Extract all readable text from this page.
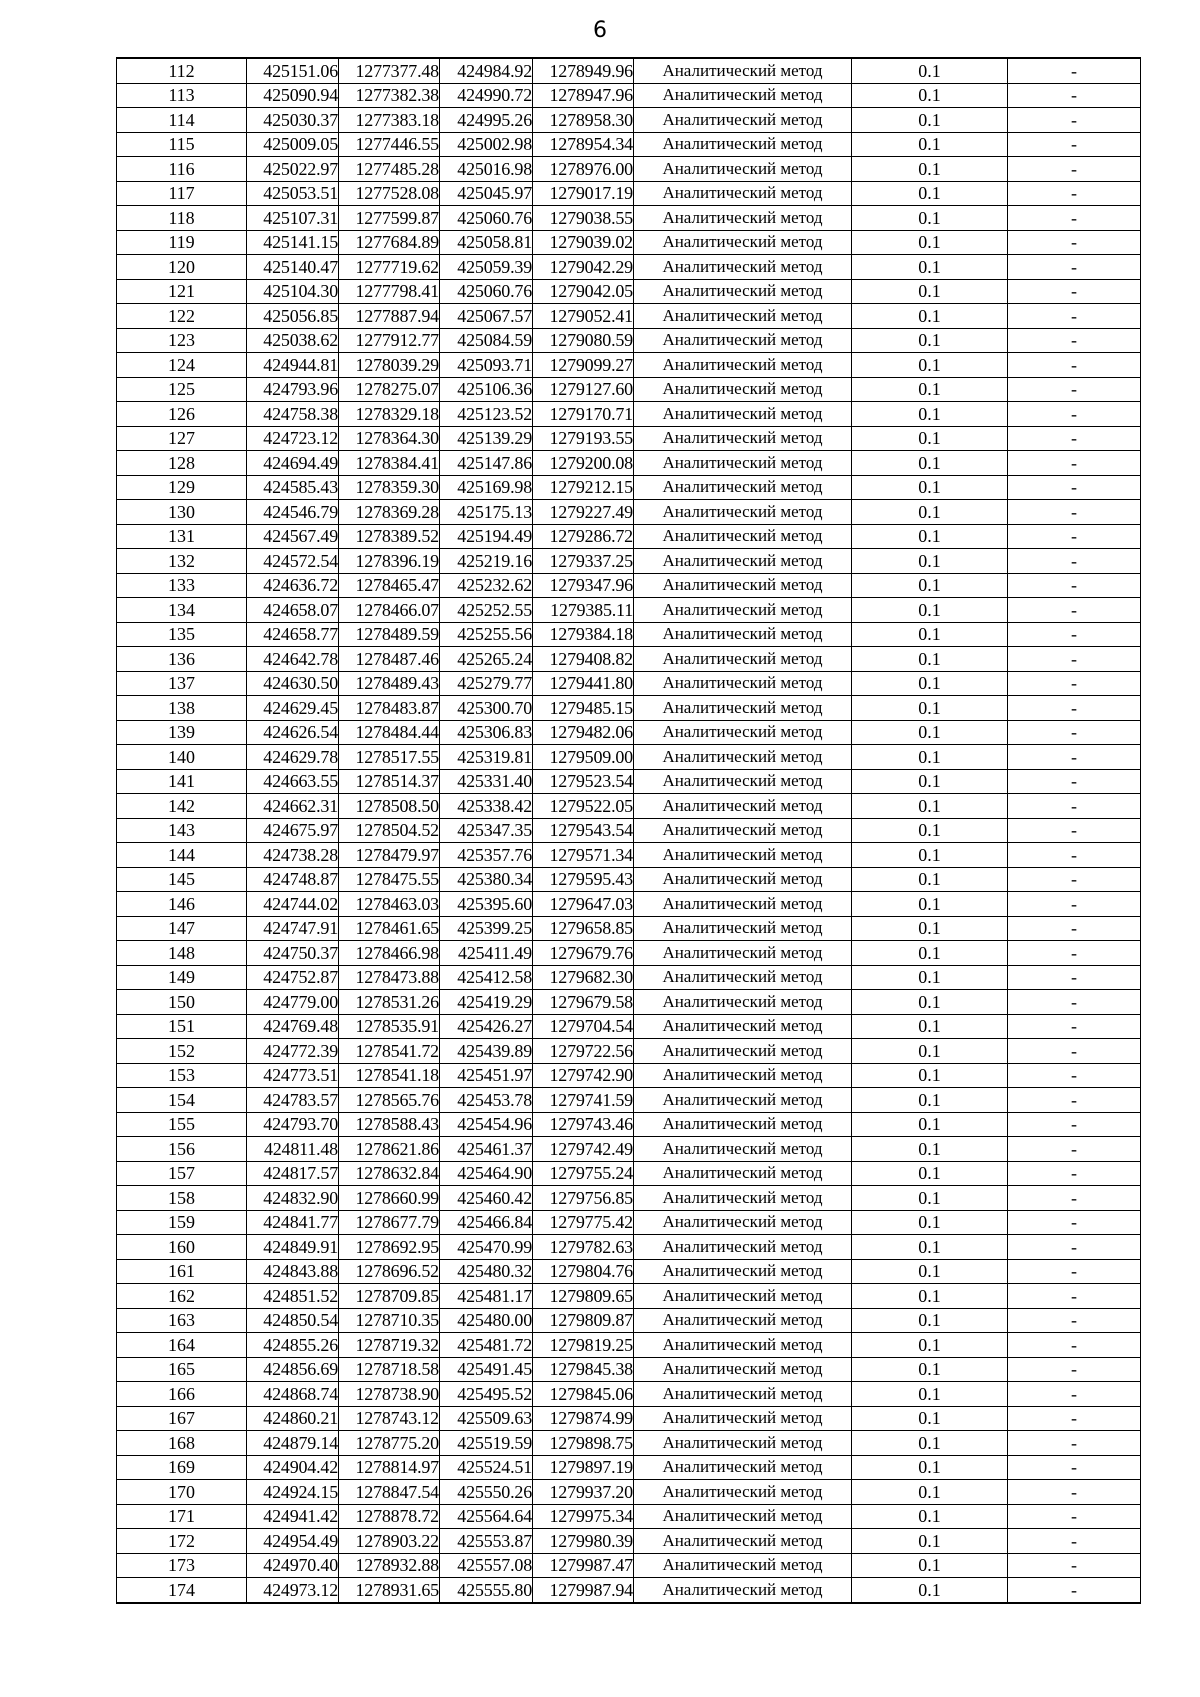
6
112	425151.06	1277377.48	424984.92	1278949.96	Аналитический метод	0.1	-
113	425090.94	1277382.38	424990.72	1278947.96	Аналитический метод	0.1	-
114	425030.37	1277383.18	424995.26	1278958.30	Аналитический метод	0.1	-
115	425009.05	1277446.55	425002.98	1278954.34	Аналитический метод	0.1	-
116	425022.97	1277485.28	425016.98	1278976.00	Аналитический метод	0.1	-
117	425053.51	1277528.08	425045.97	1279017.19	Аналитический метод	0.1	-
118	425107.31	1277599.87	425060.76	1279038.55	Аналитический метод	0.1	-
119	425141.15	1277684.89	425058.81	1279039.02	Аналитический метод	0.1	-
120	425140.47	1277719.62	425059.39	1279042.29	Аналитический метод	0.1	-
121	425104.30	1277798.41	425060.76	1279042.05	Аналитический метод	0.1	-
122	425056.85	1277887.94	425067.57	1279052.41	Аналитический метод	0.1	-
123	425038.62	1277912.77	425084.59	1279080.59	Аналитический метод	0.1	-
124	424944.81	1278039.29	425093.71	1279099.27	Аналитический метод	0.1	-
125	424793.96	1278275.07	425106.36	1279127.60	Аналитический метод	0.1	-
126	424758.38	1278329.18	425123.52	1279170.71	Аналитический метод	0.1	-
127	424723.12	1278364.30	425139.29	1279193.55	Аналитический метод	0.1	-
128	424694.49	1278384.41	425147.86	1279200.08	Аналитический метод	0.1	-
129	424585.43	1278359.30	425169.98	1279212.15	Аналитический метод	0.1	-
130	424546.79	1278369.28	425175.13	1279227.49	Аналитический метод	0.1	-
131	424567.49	1278389.52	425194.49	1279286.72	Аналитический метод	0.1	-
132	424572.54	1278396.19	425219.16	1279337.25	Аналитический метод	0.1	-
133	424636.72	1278465.47	425232.62	1279347.96	Аналитический метод	0.1	-
134	424658.07	1278466.07	425252.55	1279385.11	Аналитический метод	0.1	-
135	424658.77	1278489.59	425255.56	1279384.18	Аналитический метод	0.1	-
136	424642.78	1278487.46	425265.24	1279408.82	Аналитический метод	0.1	-
137	424630.50	1278489.43	425279.77	1279441.80	Аналитический метод	0.1	-
138	424629.45	1278483.87	425300.70	1279485.15	Аналитический метод	0.1	-
139	424626.54	1278484.44	425306.83	1279482.06	Аналитический метод	0.1	-
140	424629.78	1278517.55	425319.81	1279509.00	Аналитический метод	0.1	-
141	424663.55	1278514.37	425331.40	1279523.54	Аналитический метод	0.1	-
142	424662.31	1278508.50	425338.42	1279522.05	Аналитический метод	0.1	-
143	424675.97	1278504.52	425347.35	1279543.54	Аналитический метод	0.1	-
144	424738.28	1278479.97	425357.76	1279571.34	Аналитический метод	0.1	-
145	424748.87	1278475.55	425380.34	1279595.43	Аналитический метод	0.1	-
146	424744.02	1278463.03	425395.60	1279647.03	Аналитический метод	0.1	-
147	424747.91	1278461.65	425399.25	1279658.85	Аналитический метод	0.1	-
148	424750.37	1278466.98	425411.49	1279679.76	Аналитический метод	0.1	-
149	424752.87	1278473.88	425412.58	1279682.30	Аналитический метод	0.1	-
150	424779.00	1278531.26	425419.29	1279679.58	Аналитический метод	0.1	-
151	424769.48	1278535.91	425426.27	1279704.54	Аналитический метод	0.1	-
152	424772.39	1278541.72	425439.89	1279722.56	Аналитический метод	0.1	-
153	424773.51	1278541.18	425451.97	1279742.90	Аналитический метод	0.1	-
154	424783.57	1278565.76	425453.78	1279741.59	Аналитический метод	0.1	-
155	424793.70	1278588.43	425454.96	1279743.46	Аналитический метод	0.1	-
156	424811.48	1278621.86	425461.37	1279742.49	Аналитический метод	0.1	-
157	424817.57	1278632.84	425464.90	1279755.24	Аналитический метод	0.1	-
158	424832.90	1278660.99	425460.42	1279756.85	Аналитический метод	0.1	-
159	424841.77	1278677.79	425466.84	1279775.42	Аналитический метод	0.1	-
160	424849.91	1278692.95	425470.99	1279782.63	Аналитический метод	0.1	-
161	424843.88	1278696.52	425480.32	1279804.76	Аналитический метод	0.1	-
162	424851.52	1278709.85	425481.17	1279809.65	Аналитический метод	0.1	-
163	424850.54	1278710.35	425480.00	1279809.87	Аналитический метод	0.1	-
164	424855.26	1278719.32	425481.72	1279819.25	Аналитический метод	0.1	-
165	424856.69	1278718.58	425491.45	1279845.38	Аналитический метод	0.1	-
166	424868.74	1278738.90	425495.52	1279845.06	Аналитический метод	0.1	-
167	424860.21	1278743.12	425509.63	1279874.99	Аналитический метод	0.1	-
168	424879.14	1278775.20	425519.59	1279898.75	Аналитический метод	0.1	-
169	424904.42	1278814.97	425524.51	1279897.19	Аналитический метод	0.1	-
170	424924.15	1278847.54	425550.26	1279937.20	Аналитический метод	0.1	-
171	424941.42	1278878.72	425564.64	1279975.34	Аналитический метод	0.1	-
172	424954.49	1278903.22	425553.87	1279980.39	Аналитический метод	0.1	-
173	424970.40	1278932.88	425557.08	1279987.47	Аналитический метод	0.1	-
174	424973.12	1278931.65	425555.80	1279987.94	Аналитический метод	0.1	-
